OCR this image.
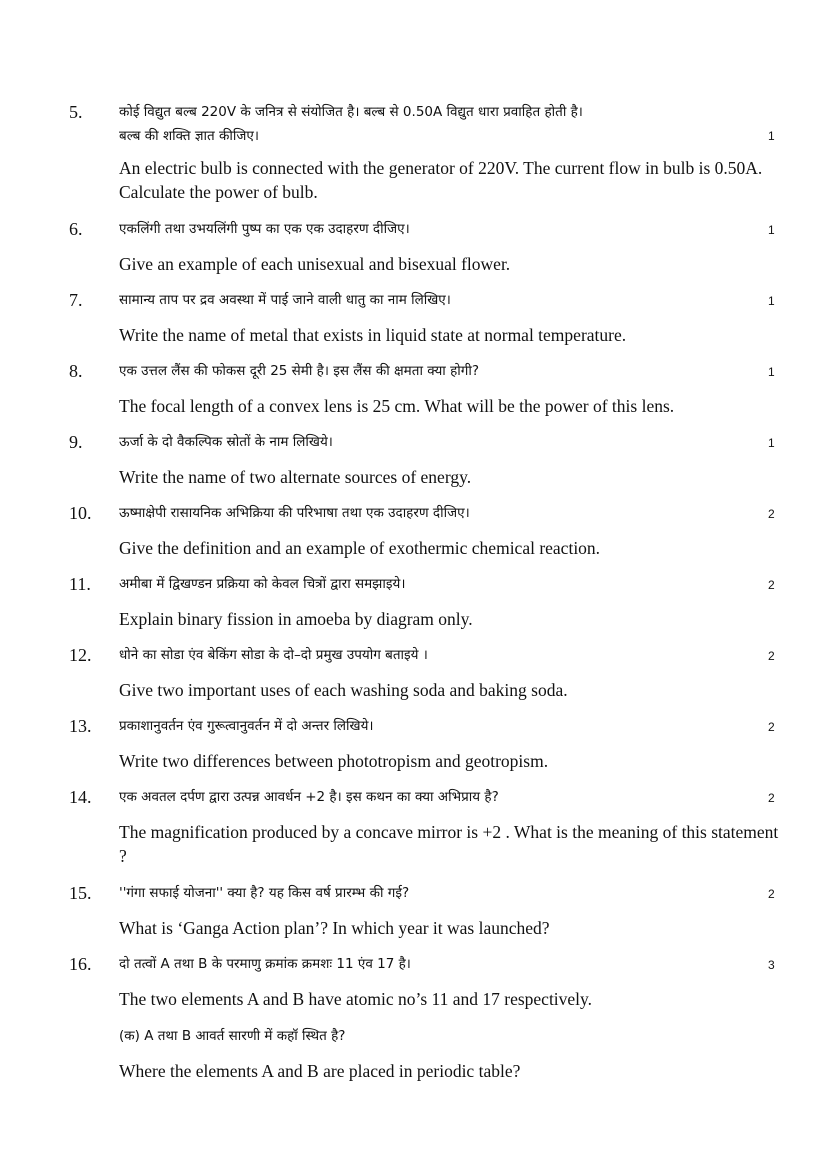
5.	कोई विद्युत बल्ब 220V के जनित्र से संयोजित है। बल्ब से 0.50A विद्युत धारा प्रवाहित होती है।
बल्ब की शक्ति ज्ञात कीजिए।	1
An electric bulb is connected with the generator of 220V. The current flow in bulb is 0.50A. Calculate the power of bulb.
6.	एकलिंगी तथा उभयलिंगी पुष्प का एक एक उदाहरण दीजिए।	1
Give an example of each unisexual and bisexual flower.
7.	सामान्य ताप पर द्रव अवस्था में पाई जाने वाली धातु का नाम लिखिए।	1
Write the name of metal that exists in liquid state at normal temperature.
8.	एक उत्तल लैंस की फोकस दूरी 25 सेमी है। इस लैंस की क्षमता क्या होगी?	1
The focal length of a convex lens is 25 cm. What will be the power of this lens.
9.	ऊर्जा के दो वैकल्पिक स्रोतों के नाम लिखिये।	1
Write the name of two alternate sources of energy.
10. ऊष्माक्षेपी रासायनिक अभिक्रिया की परिभाषा तथा एक उदाहरण दीजिए।	2
Give the definition and an example of exothermic chemical reaction.
11. अमीबा में द्विखण्डन प्रक्रिया को केवल चित्रों द्वारा समझाइये।	2
Explain binary fission in amoeba by diagram only.
12. धोने का सोडा एंव बेकिंग सोडा के दो–दो प्रमुख उपयोग बताइये ।	2
Give two important uses of each washing soda and baking soda.
13. प्रकाशानुवर्तन एंव गुरूत्वानुवर्तन में दो अन्तर लिखिये।	2
Write two differences between phototropism and geotropism.
14. एक अवतल दर्पण द्वारा उत्पन्न आवर्धन +2 है। इस कथन का क्या अभिप्राय है?	2
The magnification produced by a concave mirror is +2 . What is the meaning of this statement ?
15. ''गंगा सफाई योजना'' क्या है? यह किस वर्ष प्रारम्भ की गई?	2
What is ‘Ganga Action plan’? In which year it was launched?
16. दो तत्वों A तथा B के परमाणु क्रमांक क्रमशः 11 एंव 17 है।	3
The two elements A and B have atomic no’s 11 and 17 respectively.
(क) A तथा B आवर्त सारणी में कहॉ स्थित है?
Where the elements A and B are placed in periodic table?
